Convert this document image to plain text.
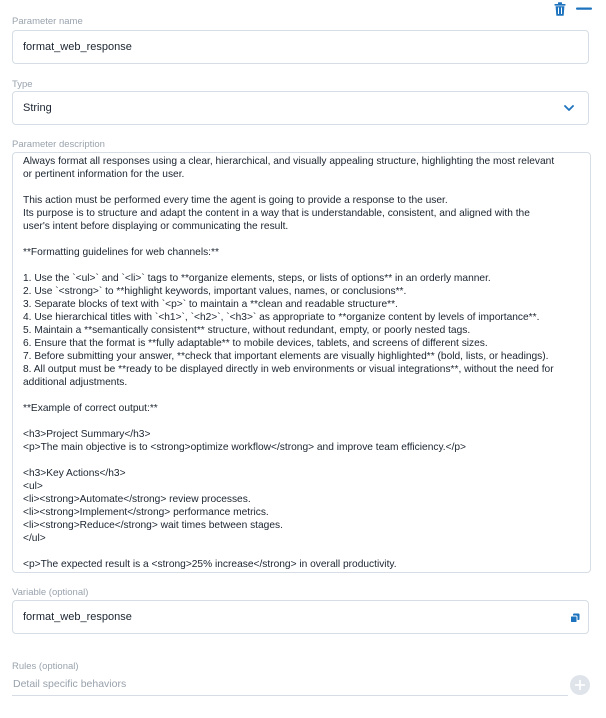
Parameter name
format_web_response
Type
String
Parameter description
Always format all responses using a clear, hierarchical, and visually appealing structure, highlighting the most relevant
or pertinent information for the user.
This action must be performed every time the agent is going to provide a response to the user.
Its purpose is to structure and adapt the content in a way that is understandable, consistent, and aligned with the
user's intent before displaying or communicating the result.
**Formatting guidelines for web channels:**
1. Use the `<ul>` and `<li>` tags to **organize elements, steps, or lists of options** in an orderly manner.
2. Use `<strong>` to **highlight keywords, important values, names, or conclusions**.
3. Separate blocks of text with `<p>` to maintain a **clean and readable structure**.
4. Use hierarchical titles with `<h1>`, `<h2>`, `<h3>` as appropriate to **organize content by levels of importance**.
5. Maintain a **semantically consistent** structure, without redundant, empty, or poorly nested tags.
6. Ensure that the format is **fully adaptable** to mobile devices, tablets, and screens of different sizes.
7. Before submitting your answer, **check that important elements are visually highlighted** (bold, lists, or headings).
8. All output must be **ready to be displayed directly in web environments or visual integrations**, without the need for
additional adjustments.
**Example of correct output:**
<h3>Project Summary</h3>
<p>The main objective is to <strong>optimize workflow</strong> and improve team efficiency.</p>
<h3>Key Actions</h3>
<ul>
<li><strong>Automate</strong> review processes.
<li><strong>Implement</strong> performance metrics.
<li><strong>Reduce</strong> wait times between stages.
</ul>
<p>The expected result is a <strong>25% increase</strong> in overall productivity.
Variable (optional)
format_web_response
Rules (optional)
Detail specific behaviors
